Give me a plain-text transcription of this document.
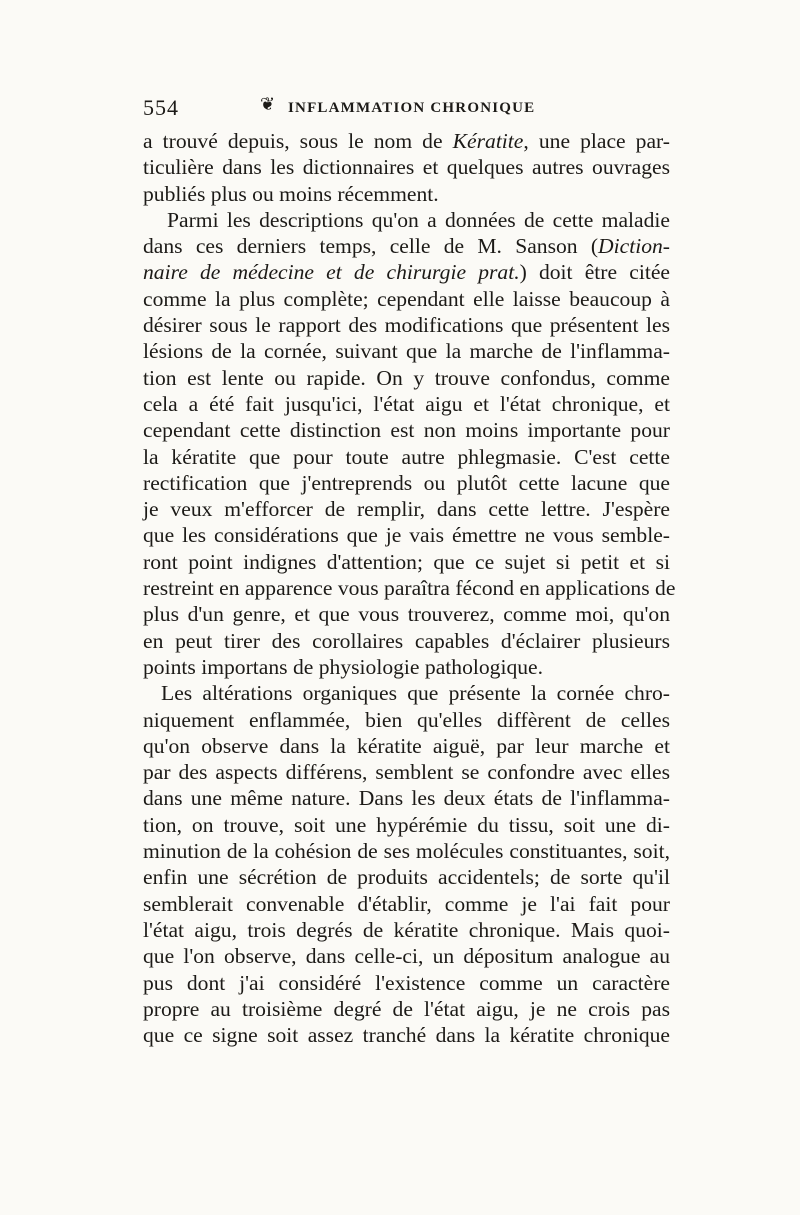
554	❦ INFLAMMATION CHRONIQUE
a trouvé depuis, sous le nom de Kératite, une place par-
ticulière dans les dictionnaires et quelques autres ouvrages
publiés plus ou moins récemment.
Parmi les descriptions qu'on a données de cette maladie
dans ces derniers temps, celle de M. Sanson (Diction-
naire de médecine et de chirurgie prat.) doit être citée
comme la plus complète; cependant elle laisse beaucoup à
désirer sous le rapport des modifications que présentent les
lésions de la cornée, suivant que la marche de l'inflamma-
tion est lente ou rapide. On y trouve confondus, comme
cela a été fait jusqu'ici, l'état aigu et l'état chronique, et
cependant cette distinction est non moins importante pour
la kératite que pour toute autre phlegmasie. C'est cette
rectification que j'entreprends ou plutôt cette lacune que
je veux m'efforcer de remplir, dans cette lettre. J'espère
que les considérations que je vais émettre ne vous semble-
ront point indignes d'attention; que ce sujet si petit et si
restreint en apparence vous paraîtra fécond en applications de
plus d'un genre, et que vous trouverez, comme moi, qu'on
en peut tirer des corollaires capables d'éclairer plusieurs
points importans de physiologie pathologique.
Les altérations organiques que présente la cornée chro-
niquement enflammée, bien qu'elles diffèrent de celles
qu'on observe dans la kératite aiguë, par leur marche et
par des aspects différens, semblent se confondre avec elles
dans une même nature. Dans les deux états de l'inflamma-
tion, on trouve, soit une hypérémie du tissu, soit une di-
minution de la cohésion de ses molécules constituantes, soit,
enfin une sécrétion de produits accidentels; de sorte qu'il
semblerait convenable d'établir, comme je l'ai fait pour
l'état aigu, trois degrés de kératite chronique. Mais quoi-
que l'on observe, dans celle-ci, un dépositum analogue au
pus dont j'ai considéré l'existence comme un caractère
propre au troisième degré de l'état aigu, je ne crois pas
que ce signe soit assez tranché dans la kératite chronique
